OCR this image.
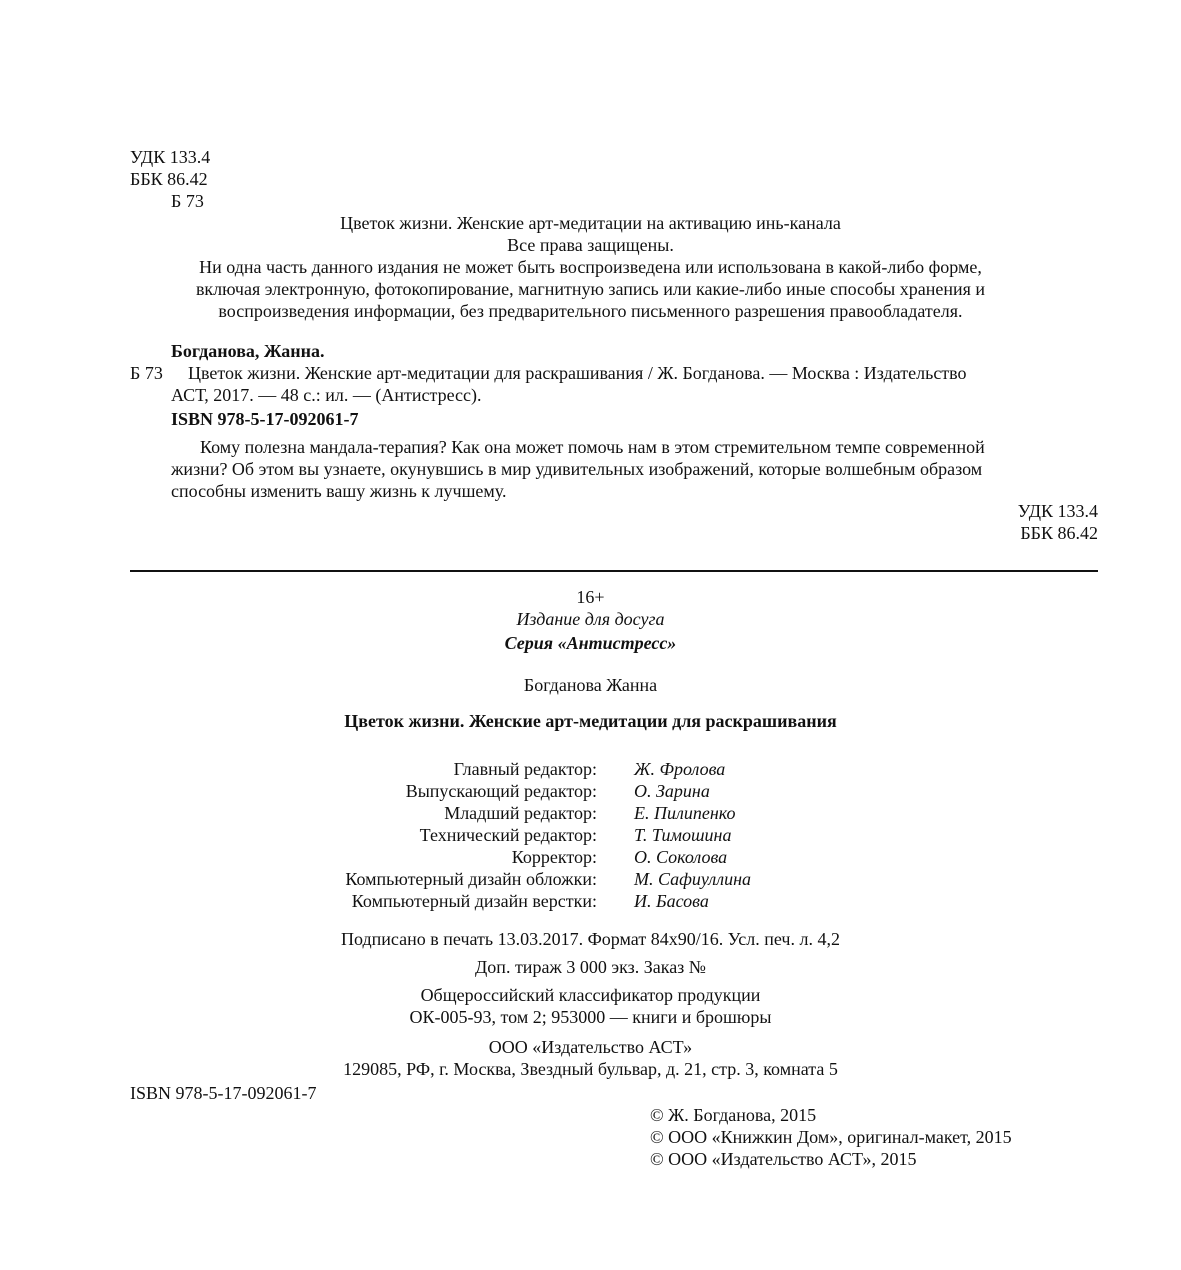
УДК 133.4
ББК 86.42
Б 73
Цветок жизни. Женские арт-медитации на активацию инь-канала
Все права защищены.
Ни одна часть данного издания не может быть воспроизведена или использована в какой-либо форме,
включая электронную, фотокопирование, магнитную запись или какие-либо иные способы хранения и
воспроизведения информации, без предварительного письменного разрешения правообладателя.
Богданова, Жанна.
Б 73 Цветок жизни. Женские арт-медитации для раскрашивания / Ж. Богданова. — Москва : Издательство
АСТ, 2017. — 48 с.: ил. — (Антистресс).
ISBN 978-5-17-092061-7
Кому полезна мандала-терапия? Как она может помочь нам в этом стремительном темпе современной
жизни? Об этом вы узнаете, окунувшись в мир удивительных изображений, которые волшебным образом
способны изменить вашу жизнь к лучшему.
УДК 133.4
ББК 86.42
16+
Издание для досуга
Серия «Антистресс»
Богданова Жанна
Цветок жизни. Женские арт-медитации для раскрашивания
Главный редактор: Ж. Фролова
Выпускающий редактор: О. Зарина
Младший редактор: Е. Пилипенко
Технический редактор: Т. Тимошина
Корректор: О. Соколова
Компьютерный дизайн обложки: М. Сафиуллина
Компьютерный дизайн верстки: И. Басова
Подписано в печать 13.03.2017. Формат 84x90/16. Усл. печ. л. 4,2
Доп. тираж 3 000 экз. Заказ №
Общероссийский классификатор продукции
ОК-005-93, том 2; 953000 — книги и брошюры
ООО «Издательство АСТ»
129085, РФ, г. Москва, Звездный бульвар, д. 21, стр. 3, комната 5
ISBN 978-5-17-092061-7
© Ж. Богданова, 2015
© ООО «Книжкин Дом», оригинал-макет, 2015
© ООО «Издательство АСТ», 2015
